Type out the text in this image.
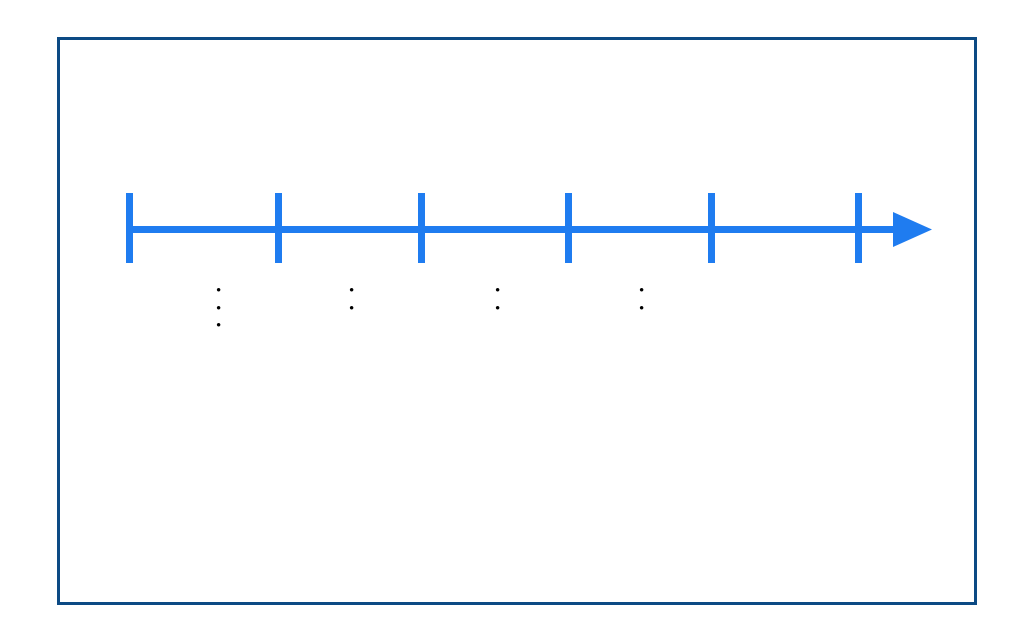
•
•
•
•
•
•
•
•
•
